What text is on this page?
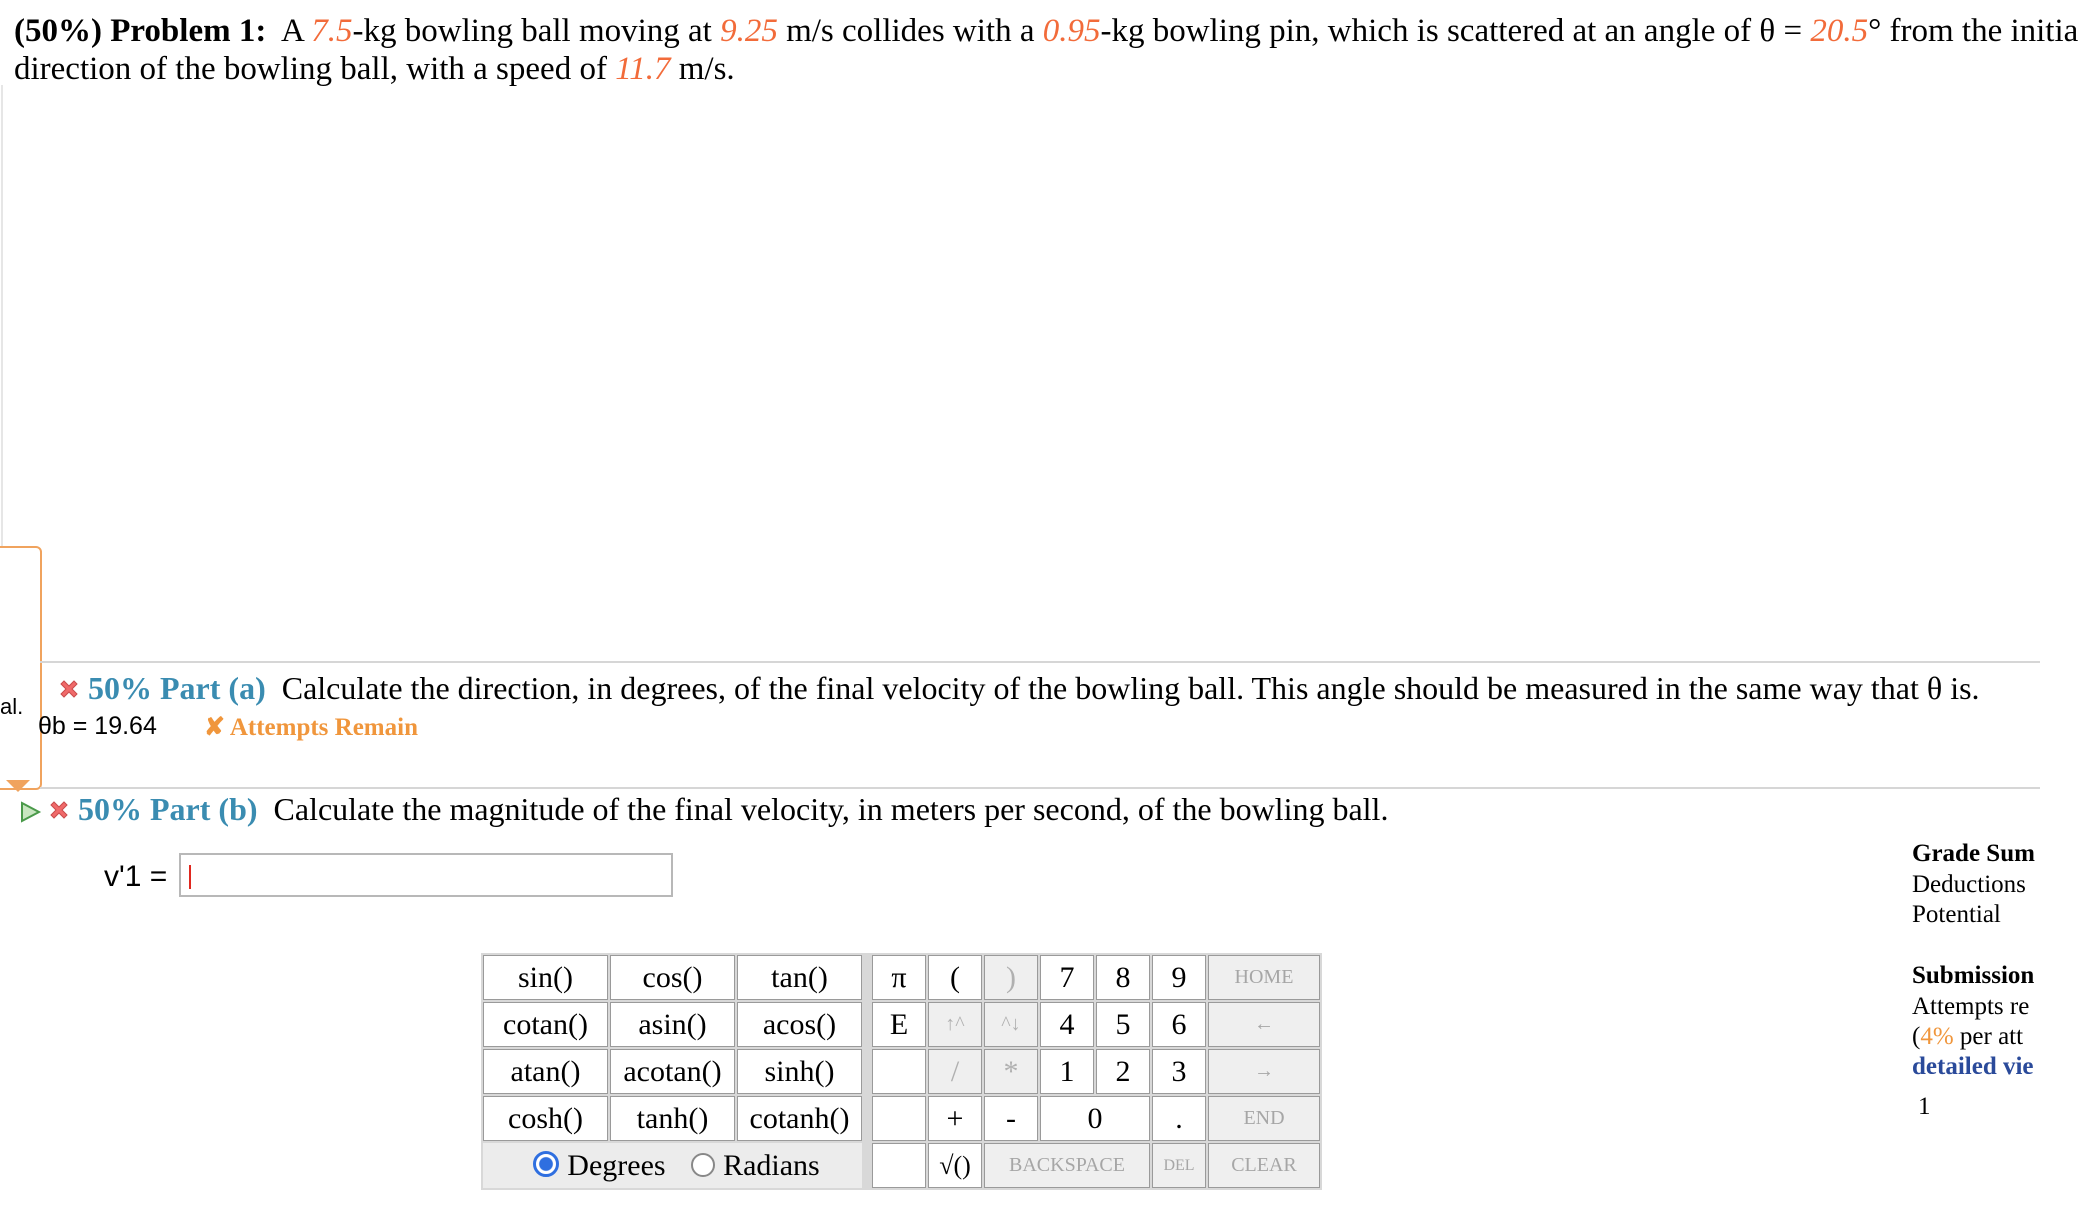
(50%) Problem 1: A 7.5-kg bowling ball moving at 9.25 m/s collides with a 0.95-kg bowling pin, which is scattered at an angle of θ = 20.5° from the initia
direction of the bowling ball, with a speed of 11.7 m/s.
al.
50% Part (a) Calculate the direction, in degrees, of the final velocity of the bowling ball. This angle should be measured in the same way that θ is.
θb = 19.64 ✘ Attempts Remain
50% Part (b) Calculate the magnitude of the final velocity, in meters per second, of the bowling ball.
v'1 =
sin()	cos()	tan()		π	(	)	7	8	9	HOME
cotan()	asin()	acos()		E	↑^	^↓	4	5	6	←
atan()	acotan()	sinh()			/	*	1	2	3	→
cosh()	tanh()	cotanh()			+	-	0		.	END
Degrees Radians					√()	BACKSPACE			DEL	CLEAR
Grade Sum
Deductions
Potential
Submission
Attempts re
(4% per att
detailed vie
1
